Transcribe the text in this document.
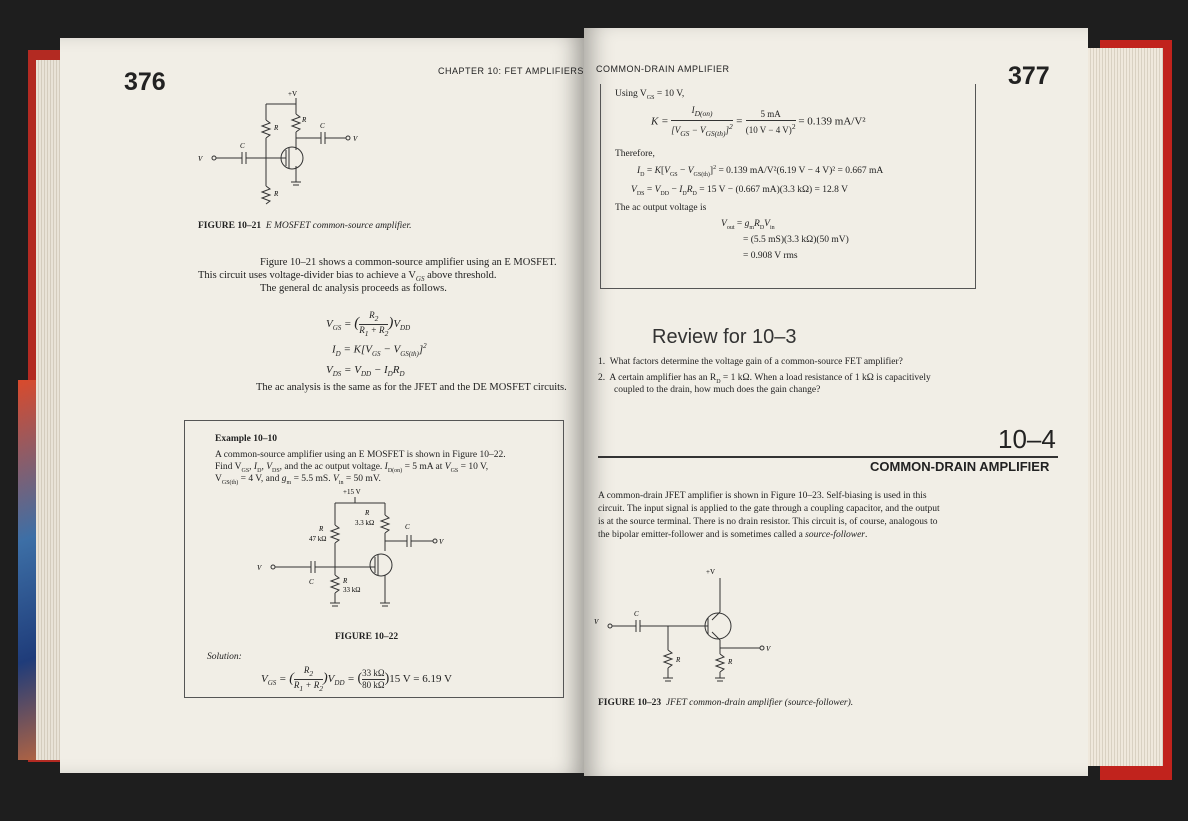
376	CHAPTER 10: FET AMPLIFIERS
+V
R
C
R
C
R
V
V
FIGURE 10–21 E MOSFET common-source amplifier.
Figure 10–21 shows a common-source amplifier using an E MOSFET.
This circuit uses voltage-divider bias to achieve a $V_{GS}$ above threshold.
The general dc analysis proceeds as follows.
$V_{GS}$ = ( $\frac{R_2}{R_1 + R_2} )V_{DD}$
$I_D = K[V_{GS} - V_{GS(th)}]^2$
$V_{DS} = V_{DD} - I_DR_D$
The ac analysis is the same as for the JFET and the DE MOSFET circuits.
Example 10–10
A common-source amplifier using an E MOSFET is shown in Figure 10–22.
Find $V_{GS}$, $I_D$, $V_{DS}$, and the ac output voltage. $I_{D(on)} = 5$ mA at $V_{GS} = 10$ V,
$V_{GS(th)} = 4$ V, and $g_m = 5.5$ mS. $V_{in} = 50$ mV.
+15 V
R
3.3 kΩ	C
R
47 kΩ
R
33 kΩ
C
V
V
FIGURE 10–22
Solution:
$V_{GS}$ = ( $\frac{R_2}{R_1 + R_2} )V_{DD}$ = ( $\frac{33 k\Omega}{80 k\Omega} )15$ V = 6.19 V
COMMON-DRAIN AMPLIFIER	377
Using $V_{GS} = 10$ V,
K =
$I_{D(on)}$
$[V_{GS} - V_{GS(th)}]^2 = \frac{5 mA}{(10 V - 4 V)^2} = 0.139$ mA/V²
Therefore,
$I_D = K[V_{GS} - V_{GS(th)}]^2 = 0.139$ mA/V²(6.19 V − 4 V)² = 0.667 mA
$V_{DS} = V_{DD} - I_DR_D = 15$ V − (0.667 mA)(3.3 kΩ) = 12.8 V
The ac output voltage is
$V_{out} = g_mR_DV_{in}$
= (5.5 mS)(3.3 kΩ)(50 mV)
= 0.908 V rms
Review for 10–3
1. What factors determine the voltage gain of a common-source FET amplifier?
2. A certain amplifier has an $R_D = 1$ kΩ. When a load resistance of 1 kΩ is capacitively
coupled to the drain, how much does the gain change?
10–4
COMMON-DRAIN AMPLIFIER
A common-drain JFET amplifier is shown in Figure 10–23. Self-biasing is used in this
circuit. The input signal is applied to the gate through a coupling capacitor, and the output
is at the source terminal. There is no drain resistor. This circuit is, of course, analogous to
the bipolar emitter-follower and is sometimes called a source-follower.
+V
C
R	R
V
V
FIGURE 10–23 JFET common-drain amplifier (source-follower).
